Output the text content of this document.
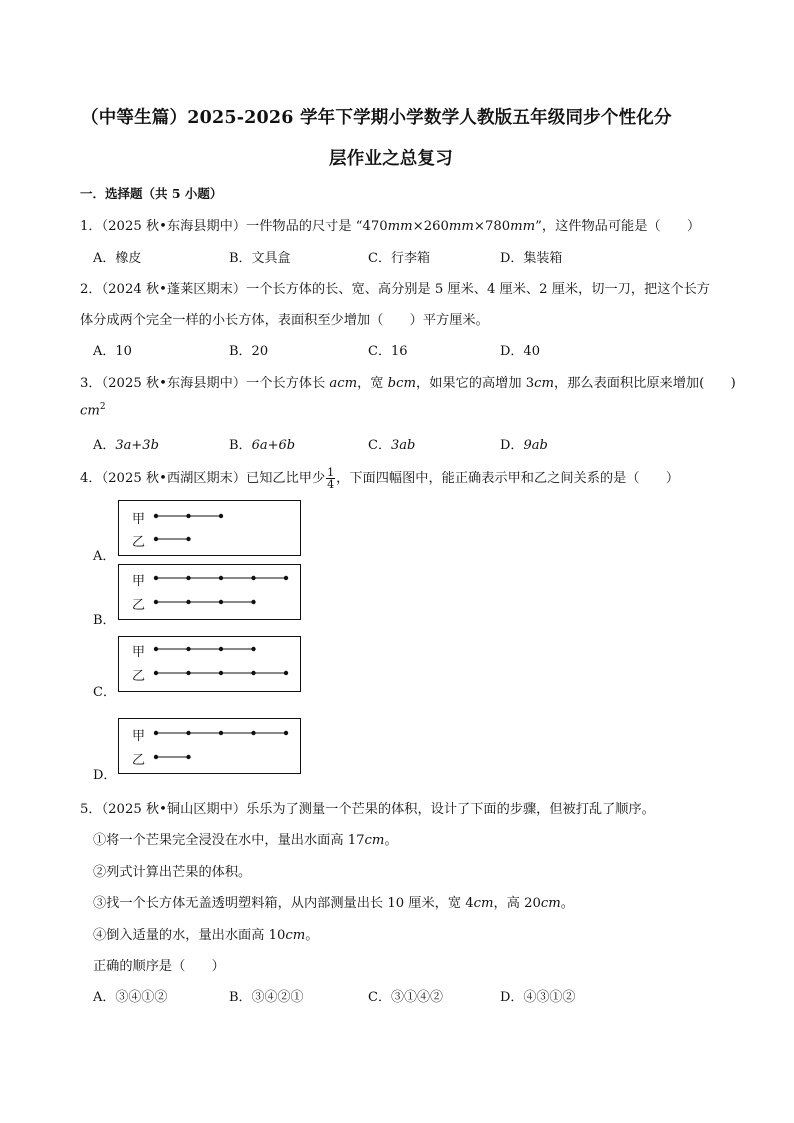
（中等生篇）2025-2026 学年下学期小学数学人教版五年级同步个性化分
层作业之总复习
一．选择题（共 5 小题）
1．（2025 秋•东海县期中）一件物品的尺寸是 “470mm×260mm×780mm”，这件物品可能是（　　）
A．橡皮	B．文具盒	C．行李箱	D．集装箱
2．（2024 秋•蓬莱区期末）一个长方体的长、宽、高分别是 5 厘米、4 厘米、2 厘米，切一刀，把这个长方
体分成两个完全一样的小长方体，表面积至少增加（　　）平方厘米。
A．10	B．20	C．16	D．40
3．（2025 秋•东海县期中）一个长方体长 acm，宽 bcm，如果它的高增加 3cm，那么表面积比原来增加(　　)
$cm^2$
A．3a+3b	B．6a+6b	C．3ab	D．9ab
4．（2025 秋•西湖区期末）已知乙比甲少 $\frac{1}{4}$ ，下面四幅图中，能正确表示甲和乙之间关系的是（　　）
甲
乙
A．
甲
乙
B．
甲
乙
C．
甲
乙
D．
5．（2025 秋•铜山区期中）乐乐为了测量一个芒果的体积，设计了下面的步骤，但被打乱了顺序。
①将一个芒果完全浸没在水中，量出水面高 17cm。
②列式计算出芒果的体积。
③找一个长方体无盖透明塑料箱，从内部测量出长 10 厘米，宽 4cm，高 20cm。
④倒入适量的水，量出水面高 10cm。
正确的顺序是（　　）
A．③④①②	B．③④②①	C．③①④②	D．④③①②
